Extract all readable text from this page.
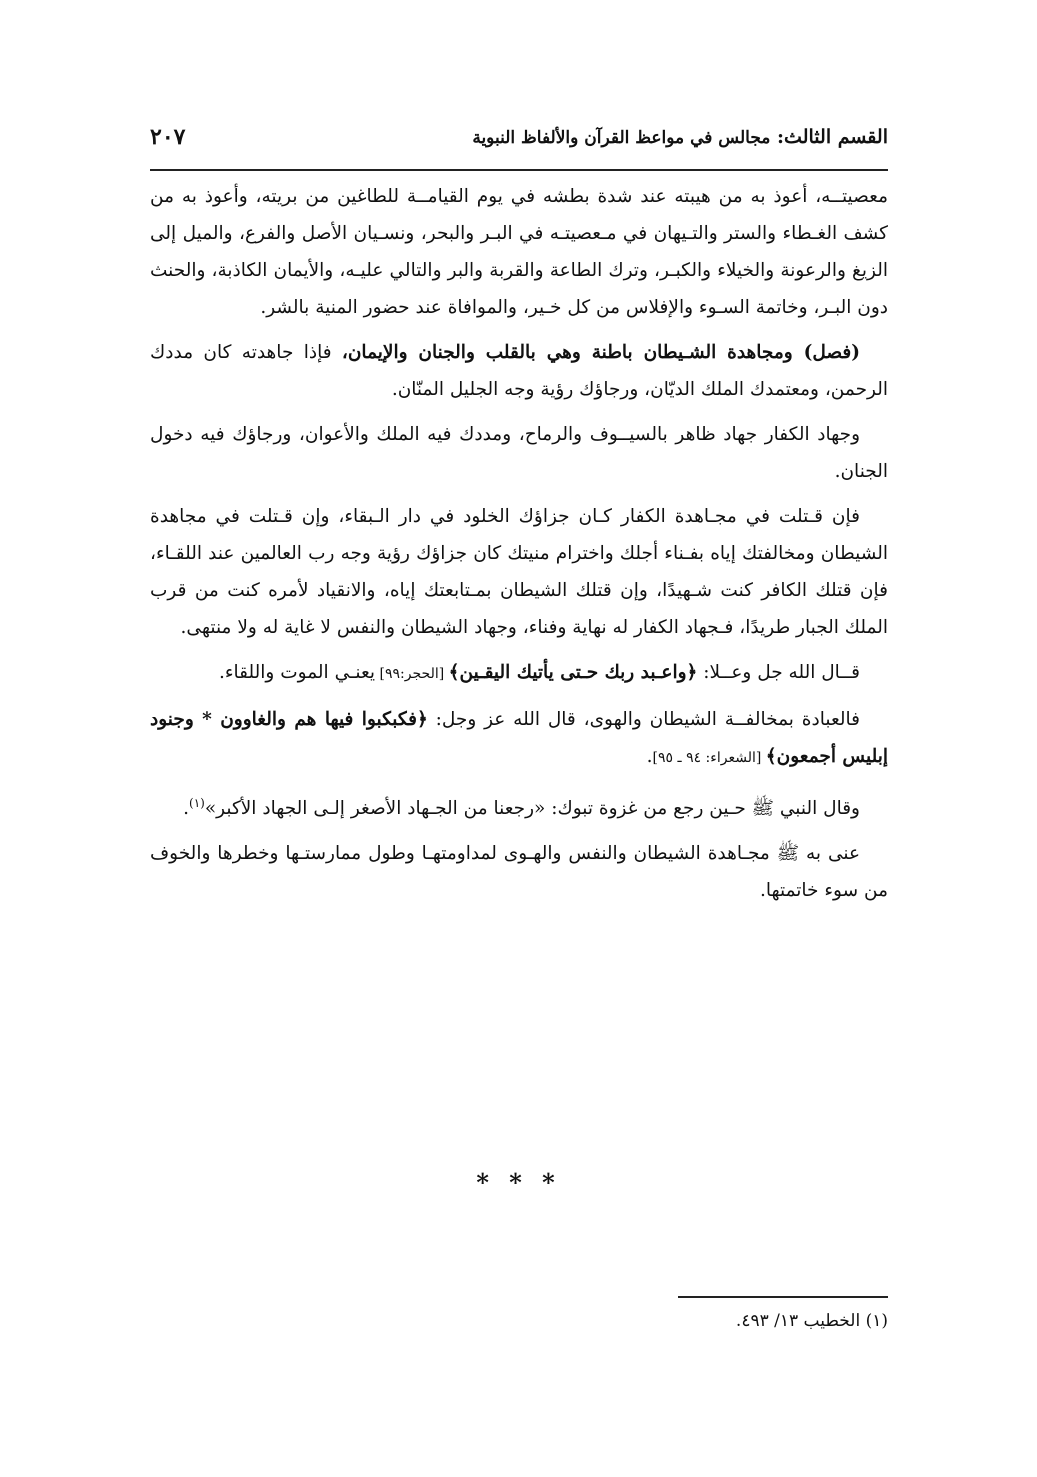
القسم الثالث: مجالس في مواعظ القرآن والألفاظ النبوية
٢٠٧

معصيتــه، أعوذ به من هيبته عند شدة بطشه في يوم القيامــة للطاغين من بريته، وأعوذ به من كشف الغـطاء والستر والتـيهان في مـعصيتـه في البـر والبحر، ونسـيان الأصل والفرع، والميل إلى الزيغ والرعونة والخيلاء والكبـر، وترك الطاعة والقربة والبر والتالي عليـه، والأيمان الكاذبة، والحنث دون البـر، وخاتمة السـوء والإفلاس من كل خـير، والموافاة عند حضور المنية بالشر.

(فصل) ومجاهدة الشـيطان باطنة وهي بالقلب والجنان والإيمان، فإذا جاهدته كان مددك الرحمن، ومعتمدك الملك الديّان، ورجاؤك رؤية وجه الجليل المنّان.

وجهاد الكفار جهاد ظاهر بالسيــوف والرماح، ومددك فيه الملك والأعوان، ورجاؤك فيه دخول الجنان.

فإن قـتلت في مجـاهدة الكفار كـان جزاؤك الخلود في دار الـبقاء، وإن قـتلت في مجاهدة الشيطان ومخالفتك إياه بفـناء أجلك واخترام منيتك كان جزاؤك رؤية وجه رب العالمين عند اللقـاء، فإن قتلك الكافر كنت شـهيدًا، وإن قتلك الشيطان بمـتابعتك إياه، والانقياد لأمره كنت من قرب الملك الجبار طريدًا، فـجهاد الكفار له نهاية وفناء، وجهاد الشيطان والنفس لا غاية له ولا منتهى.

قــال الله جل وعــلا: ﴿واعـبد ربك حـتى يأتيك اليقـين﴾ [الحجر:٩٩] يعنـي الموت واللقاء.

فالعبادة بمخالفــة الشيطان والهوى، قال الله عز وجل: ﴿فكبكبوا فيها هم والغاوون * وجنود إبليس أجمعون﴾ [الشعراء: ٩٤ ـ ٩٥].

وقال النبي ﷺ حـين رجع من غزوة تبوك: «رجعنا من الجـهاد الأصغر إلـى الجهاد الأكبر»$^{(١)}$.

عنى به ﷺ مجـاهدة الشيطان والنفس والهـوى لمداومتهـا وطول ممارستـها وخطرها والخوف من سوء خاتمتها.

* * *
(١) الخطيب ١٣/ ٤٩٣.
